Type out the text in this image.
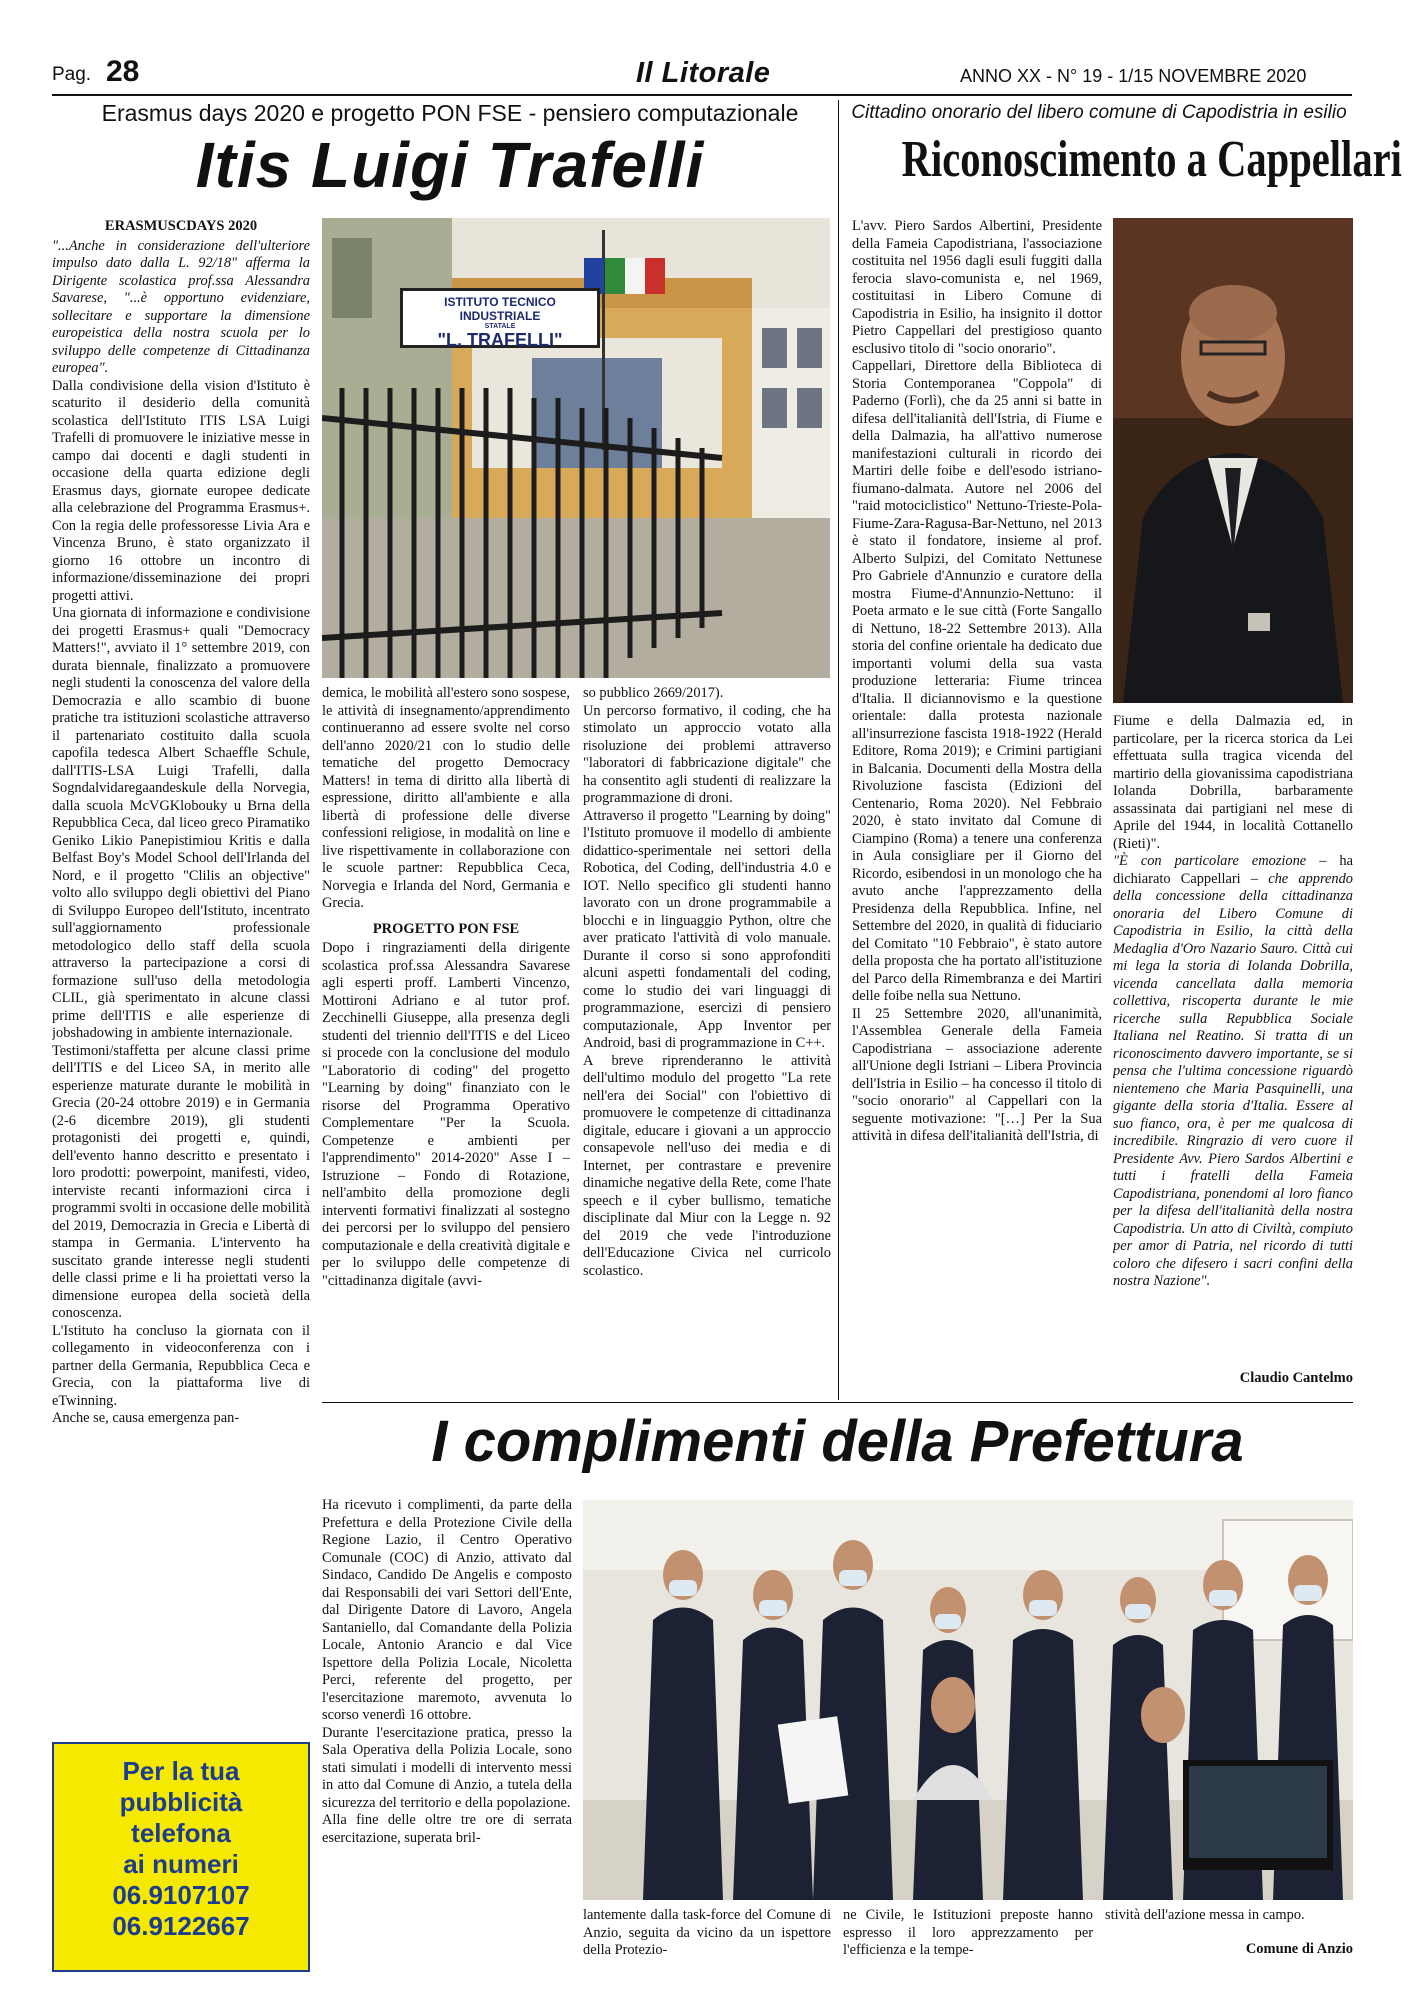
Pag. 28	Il Litorale	ANNO XX - N° 19 - 1/15 NOVEMBRE 2020
Erasmus days 2020 e progetto PON FSE - pensiero computazionale
Itis Luigi Trafelli
ISTITUTO TECNICO INDUSTRIALE
STATALE
"L. TRAFELLI"

ERASMUSCDAYS 2020

"...Anche in considerazione dell'ulteriore impulso dato dalla L. 92/18" afferma la Dirigente scolastica prof.ssa Alessandra Savarese, "...è opportuno evidenziare, sollecitare e supportare la dimensione europeistica della nostra scuola per lo sviluppo delle competenze di Cittadinanza europea".

Dalla condivisione della vision d'Istituto è scaturito il desiderio della comunità scolastica dell'Istituto ITIS LSA Luigi Trafelli di promuovere le iniziative messe in campo dai docenti e dagli studenti in occasione della quarta edizione degli Erasmus days, giornate europee dedicate alla celebrazione del Programma Erasmus+. Con la regia delle professoresse Livia Ara e Vincenza Bruno, è stato organizzato il giorno 16 ottobre un incontro di informazione/disseminazione dei propri progetti attivi.

Una giornata di informazione e condivisione dei progetti Erasmus+ quali "Democracy Matters!", avviato il 1° settembre 2019, con durata biennale, finalizzato a promuovere negli studenti la conoscenza del valore della Democrazia e allo scambio di buone pratiche tra istituzioni scolastiche attraverso il partenariato costituito dalla scuola capofila tedesca Albert Schaeffle Schule, dall'ITIS-LSA Luigi Trafelli, dalla Sogndalvidaregaandeskule della Norvegia, dalla scuola McVGKlobouky u Brna della Repubblica Ceca, dal liceo greco Piramatiko Geniko Likio Panepistimiou Kritis e dalla Belfast Boy's Model School dell'Irlanda del Nord, e il progetto "Clilis an objective" volto allo sviluppo degli obiettivi del Piano di Sviluppo Europeo dell'Istituto, incentrato sull'aggiornamento professionale metodologico dello staff della scuola attraverso la partecipazione a corsi di formazione sull'uso della metodologia CLIL, già sperimentato in alcune classi prime dell'ITIS e alle esperienze di jobshadowing in ambiente internazionale.

Testimoni/staffetta per alcune classi prime dell'ITIS e del Liceo SA, in merito alle esperienze maturate durante le mobilità in Grecia (20-24 ottobre 2019) e in Germania (2-6 dicembre 2019), gli studenti protagonisti dei progetti e, quindi, dell'evento hanno descritto e presentato i loro prodotti: powerpoint, manifesti, video, interviste recanti informazioni circa i programmi svolti in occasione delle mobilità del 2019, Democrazia in Grecia e Libertà di stampa in Germania. L'intervento ha suscitato grande interesse negli studenti delle classi prime e li ha proiettati verso la dimensione europea della società della conoscenza.

L'Istituto ha concluso la giornata con il collegamento in videoconferenza con i partner della Germania, Repubblica Ceca e Grecia, con la piattaforma live di eTwinning.

Anche se, causa emergenza pan-

demica, le mobilità all'estero sono sospese, le attività di insegnamento/apprendimento continueranno ad essere svolte nel corso dell'anno 2020/21 con lo studio delle tematiche del progetto Democracy Matters! in tema di diritto alla libertà di espressione, diritto all'ambiente e alla libertà di professione delle diverse confessioni religiose, in modalità on line e live rispettivamente in collaborazione con le scuole partner: Repubblica Ceca, Norvegia e Irlanda del Nord, Germania e Grecia.

PROGETTO PON FSE

Dopo i ringraziamenti della dirigente scolastica prof.ssa Alessandra Savarese agli esperti proff. Lamberti Vincenzo, Mottironi Adriano e al tutor prof. Zecchinelli Giuseppe, alla presenza degli studenti del triennio dell'ITIS e del Liceo si procede con la conclusione del modulo "Laboratorio di coding" del progetto "Learning by doing" finanziato con le risorse del Programma Operativo Complementare "Per la Scuola. Competenze e ambienti per l'apprendimento" 2014-2020" Asse I – Istruzione – Fondo di Rotazione, nell'ambito della promozione degli interventi formativi finalizzati al sostegno dei percorsi per lo sviluppo del pensiero computazionale e della creatività digitale e per lo sviluppo delle competenze di "cittadinanza digitale (avvi-

so pubblico 2669/2017).

Un percorso formativo, il coding, che ha stimolato un approccio votato alla risoluzione dei problemi attraverso "laboratori di fabbricazione digitale" che ha consentito agli studenti di realizzare la programmazione di droni.

Attraverso il progetto "Learning by doing" l'Istituto promuove il modello di ambiente didattico-sperimentale nei settori della Robotica, del Coding, dell'industria 4.0 e IOT. Nello specifico gli studenti hanno lavorato con un drone programmabile a blocchi e in linguaggio Python, oltre che aver praticato l'attività di volo manuale. Durante il corso si sono approfonditi alcuni aspetti fondamentali del coding, come lo studio dei vari linguaggi di programmazione, esercizi di pensiero computazionale, App Inventor per Android, basi di programmazione in C++.

A breve riprenderanno le attività dell'ultimo modulo del progetto "La rete nell'era dei Social" con l'obiettivo di promuovere le competenze di cittadinanza digitale, educare i giovani a un approccio consapevole nell'uso dei media e di Internet, per contrastare e prevenire dinamiche negative della Rete, come l'hate speech e il cyber bullismo, tematiche disciplinate dal Miur con la Legge n. 92 del 2019 che vede l'introduzione dell'Educazione Civica nel curricolo scolastico.

Cittadino onorario del libero comune di Capodistria in esilio
Riconoscimento a Cappellari

L'avv. Piero Sardos Albertini, Presidente della Fameia Capodistriana, l'associazione costituita nel 1956 dagli esuli fuggiti dalla ferocia slavo-comunista e, nel 1969, costituitasi in Libero Comune di Capodistria in Esilio, ha insignito il dottor Pietro Cappellari del prestigioso quanto esclusivo titolo di "socio onorario".

Cappellari, Direttore della Biblioteca di Storia Contemporanea "Coppola" di Paderno (Forlì), che da 25 anni si batte in difesa dell'italianità dell'Istria, di Fiume e della Dalmazia, ha all'attivo numerose manifestazioni culturali in ricordo dei Martiri delle foibe e dell'esodo istriano-fiumano-dalmata. Autore nel 2006 del "raid motociclistico" Nettuno-Trieste-Pola-Fiume-Zara-Ragusa-Bar-Nettuno, nel 2013 è stato il fondatore, insieme al prof. Alberto Sulpizi, del Comitato Nettunese Pro Gabriele d'Annunzio e curatore della mostra Fiume-d'Annunzio-Nettuno: il Poeta armato e le sue città (Forte Sangallo di Nettuno, 18-22 Settembre 2013). Alla storia del confine orientale ha dedicato due importanti volumi della sua vasta produzione letteraria: Fiume trincea d'Italia. Il diciannovismo e la questione orientale: dalla protesta nazionale all'insurrezione fascista 1918-1922 (Herald Editore, Roma 2019); e Crimini partigiani in Balcania. Documenti della Mostra della Rivoluzione fascista (Edizioni del Centenario, Roma 2020). Nel Febbraio 2020, è stato invitato dal Comune di Ciampino (Roma) a tenere una conferenza in Aula consigliare per il Giorno del Ricordo, esibendosi in un monologo che ha avuto anche l'apprezzamento della Presidenza della Repubblica. Infine, nel Settembre del 2020, in qualità di fiduciario del Comitato "10 Febbraio", è stato autore della proposta che ha portato all'istituzione del Parco della Rimembranza e dei Martiri delle foibe nella sua Nettuno.

Il 25 Settembre 2020, all'unanimità, l'Assemblea Generale della Fameia Capodistriana – associazione aderente all'Unione degli Istriani – Libera Provincia dell'Istria in Esilio – ha concesso il titolo di "socio onorario" al Cappellari con la seguente motivazione: "[…] Per la Sua attività in difesa dell'italianità dell'Istria, di

Fiume e della Dalmazia ed, in particolare, per la ricerca storica da Lei effettuata sulla tragica vicenda del martirio della giovanissima capodistriana Iolanda Dobrilla, barbaramente assassinata dai partigiani nel mese di Aprile del 1944, in località Cottanello (Rieti)".

"È con particolare emozione – ha dichiarato Cappellari – che apprendo della concessione della cittadinanza onoraria del Libero Comune di Capodistria in Esilio, la città della Medaglia d'Oro Nazario Sauro. Città cui mi lega la storia di Iolanda Dobrilla, vicenda cancellata dalla memoria collettiva, riscoperta durante le mie ricerche sulla Repubblica Sociale Italiana nel Reatino. Si tratta di un riconoscimento davvero importante, se si pensa che l'ultima concessione riguardò nientemeno che Maria Pasquinelli, una gigante della storia d'Italia. Essere al suo fianco, ora, è per me qualcosa di incredibile. Ringrazio di vero cuore il Presidente Avv. Piero Sardos Albertini e tutti i fratelli della Fameia Capodistriana, ponendomi al loro fianco per la difesa dell'italianità della nostra Capodistria. Un atto di Civiltà, compiuto per amor di Patria, nel ricordo di tutti coloro che difesero i sacri confini della nostra Nazione".

Claudio Cantelmo
I complimenti della Prefettura

Ha ricevuto i complimenti, da parte della Prefettura e della Protezione Civile della Regione Lazio, il Centro Operativo Comunale (COC) di Anzio, attivato dal Sindaco, Candido De Angelis e composto dai Responsabili dei vari Settori dell'Ente, dal Dirigente Datore di Lavoro, Angela Santaniello, dal Comandante della Polizia Locale, Antonio Arancio e dal Vice Ispettore della Polizia Locale, Nicoletta Perci, referente del progetto, per l'esercitazione maremoto, avvenuta lo scorso venerdì 16 ottobre.

Durante l'esercitazione pratica, presso la Sala Operativa della Polizia Locale, sono stati simulati i modelli di intervento messi in atto dal Comune di Anzio, a tutela della sicurezza del territorio e della popolazione.

Alla fine delle oltre tre ore di serrata esercitazione, superata bril-

lantemente dalla task-force del Comune di Anzio, seguita da vicino da un ispettore della Protezio-

ne Civile, le Istituzioni preposte hanno espresso il loro apprezzamento per l'efficienza e la tempe-

stività dell'azione messa in campo.

Comune di Anzio
Per la tua
pubblicità
telefona
ai numeri
06.9107107
06.9122667
